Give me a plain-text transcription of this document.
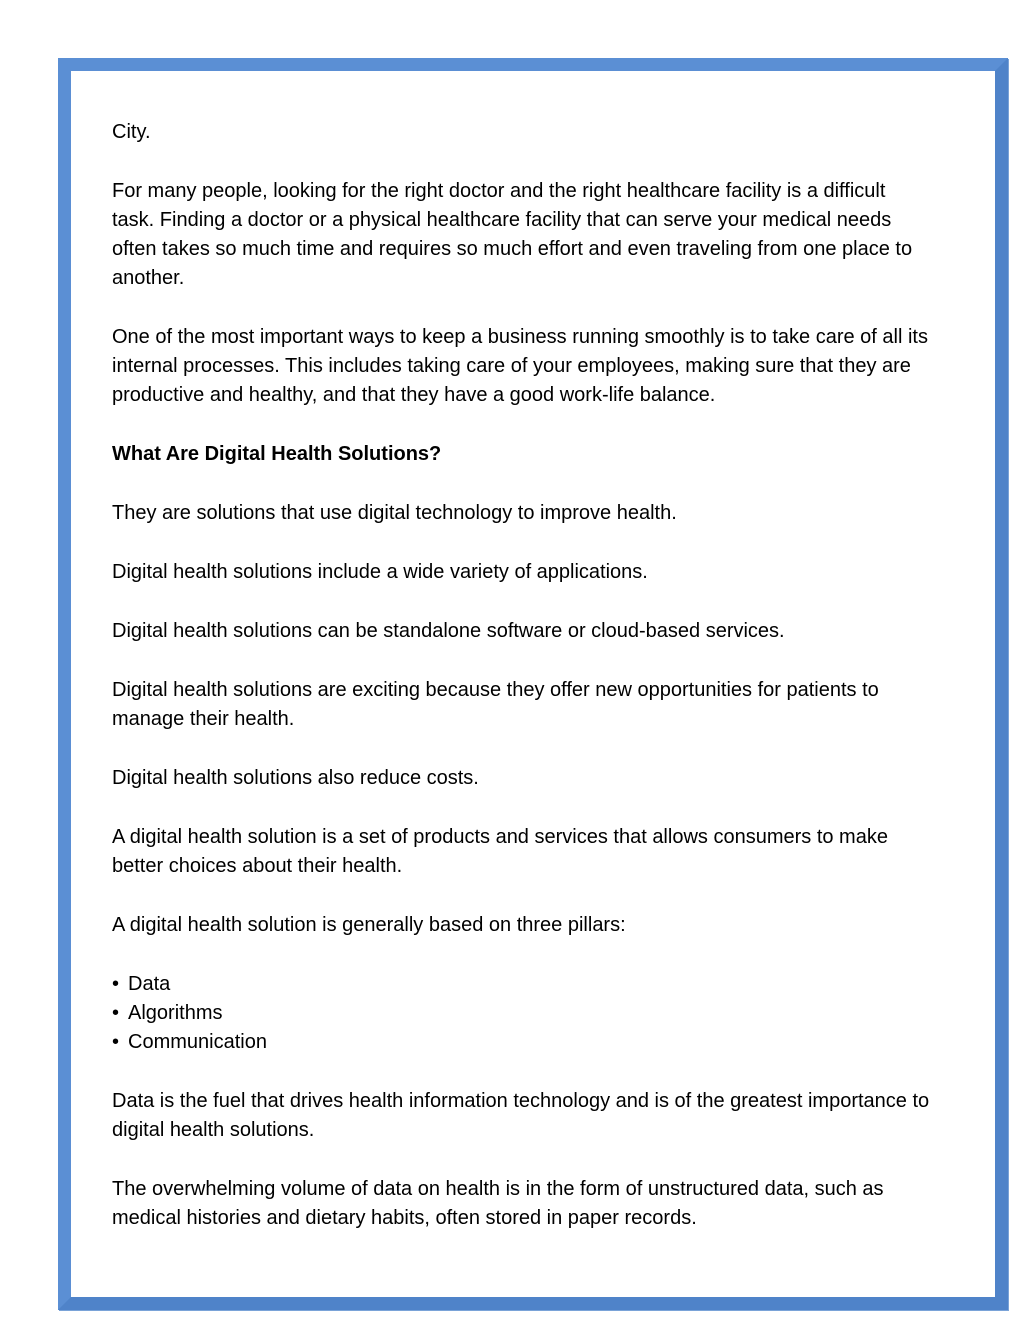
City.

For many people, looking for the right doctor and the right healthcare facility is a difficult task. Finding a doctor or a physical healthcare facility that can serve your medical needs often takes so much time and requires so much effort and even traveling from one place to another.

One of the most important ways to keep a business running smoothly is to take care of all its internal processes. This includes taking care of your employees, making sure that they are productive and healthy, and that they have a good work-life balance.

What Are Digital Health Solutions?

They are solutions that use digital technology to improve health.

Digital health solutions include a wide variety of applications.

Digital health solutions can be standalone software or cloud-based services.

Digital health solutions are exciting because they offer new opportunities for patients to manage their health.

Digital health solutions also reduce costs.

A digital health solution is a set of products and services that allows consumers to make better choices about their health.

A digital health solution is generally based on three pillars:

• Data
• Algorithms
• Communication

Data is the fuel that drives health information technology and is of the greatest importance to digital health solutions.

The overwhelming volume of data on health is in the form of unstructured data, such as medical histories and dietary habits, often stored in paper records.
